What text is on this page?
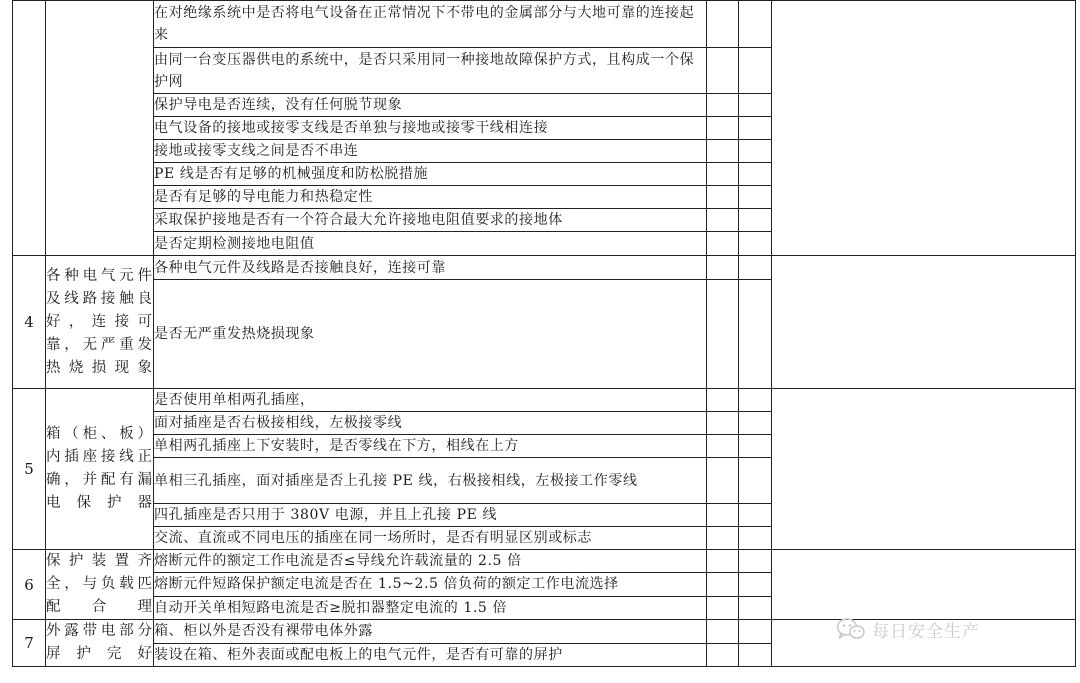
		在对绝缘系统中是否将电气设备在正常情况下不带电的金属部分与大地可靠的连接起来			
		由同一台变压器供电的系统中，是否只采用同一种接地故障保护方式，且构成一个保护网			
		保护导电是否连续，没有任何脱节现象			
		电气设备的接地或接零支线是否单独与接地或接零干线相连接			
		接地或接零支线之间是否不串连			
		PE 线是否有足够的机械强度和防松脱措施			
		是否有足够的导电能力和热稳定性			
		采取保护接地是否有一个符合最大允许接地电阻值要求的接地体			
		是否定期检测接地电阻值			
4	各种电气元件及线路接触良好，连接可靠，无严重发热烧损现象	各种电气元件及线路是否接触良好，连接可靠			
		是否无严重发热烧损现象			
5	箱（柜、板）内插座接线正确，并配有漏电保护器	是否使用单相两孔插座，			
		面对插座是否右极接相线，左极接零线			
		单相两孔插座上下安装时，是否零线在下方，相线在上方			
		单相三孔插座，面对插座是否上孔接 PE 线，右极接相线，左极接工作零线			
		四孔插座是否只用于 380V 电源，并且上孔接 PE 线			
		交流、直流或不同电压的插座在同一场所时，是否有明显区别或标志			
6	保护装置齐全，与负载匹配合理	熔断元件的额定工作电流是否≤导线允许载流量的 2.5 倍			
		熔断元件短路保护额定电流是否在 1.5~2.5 倍负荷的额定工作电流选择			
		自动开关单相短路电流是否≥脱扣器整定电流的 1.5 倍			
7	外露带电部分屏护完好	箱、柜以外是否没有裸带电体外露			
		装设在箱、柜外表面或配电板上的电气元件，是否有可靠的屏护			
每日安全生产
